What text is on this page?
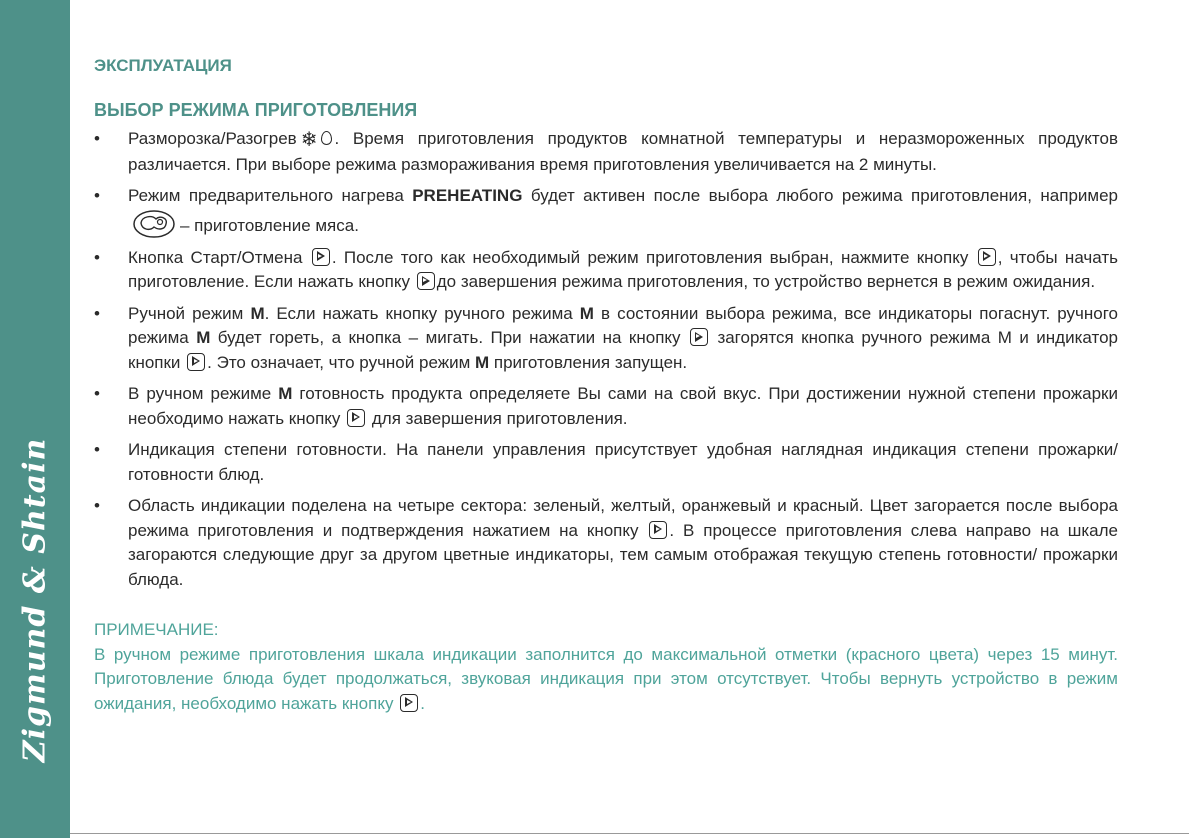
Zigmund & Shtain
ЭКСПЛУАТАЦИЯ
ВЫБОР РЕЖИМА ПРИГОТОВЛЕНИЯ
• Разморозка/Разогрев ❄ . Время приготовления продуктов комнатной температуры и неразмороженных продуктов различается. При выборе режима размораживания время приготовления увеличивается на 2 минуты.
• Режим предварительного нагрева PREHEATING будет активен после выбора любого режима приготовления, например – приготовление мяса.
• Кнопка Старт/Отмена . После того как необходимый режим приготовления выбран, нажмите кнопку , чтобы начать приготовление. Если нажать кнопку до завершения режима приготовления, то устройство вернется в режим ожидания.
• Ручной режим M. Если нажать кнопку ручного режима M в состоянии выбора режима, все индикаторы погаснут. ручного режима M будет гореть, а кнопка – мигать. При нажатии на кнопку загорятся кнопка ручного режима М и индикатор кнопки . Это означает, что ручной режим M приготовления запущен.
• В ручном режиме M готовность продукта определяете Вы сами на свой вкус. При достижении нужной степени прожарки необходимо нажать кнопку для завершения приготовления.
• Индикация степени готовности. На панели управления присутствует удобная наглядная индикация степени прожарки/готовности блюд.
• Область индикации поделена на четыре сектора: зеленый, желтый, оранжевый и красный. Цвет загорается после выбора режима приготовления и подтверждения нажатием на кнопку . В процессе приготовления слева направо на шкале загораются следующие друг за другом цветные индикаторы, тем самым отображая текущую степень готовности/ прожарки блюда.
ПРИМЕЧАНИЕ:
В ручном режиме приготовления шкала индикации заполнится до максимальной отметки (красного цвета) через 15 минут. Приготовление блюда будет продолжаться, звуковая индикация при этом отсутствует. Чтобы вернуть устройство в режим ожидания, необходимо нажать кнопку .
